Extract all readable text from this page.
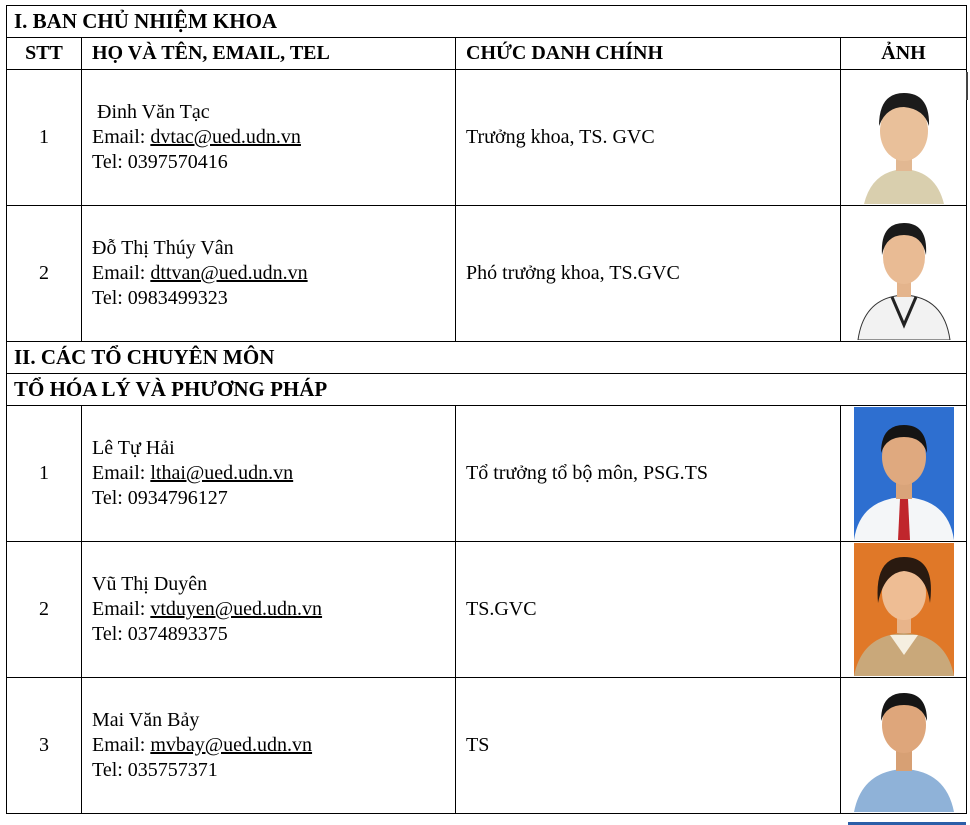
I. BAN CHỦ NHIỆM KHOA			
STT	HỌ VÀ TÊN, EMAIL, TEL	CHỨC DANH CHÍNH	ẢNH
1	Đinh Văn Tạc
Email: dvtac@ued.udn.vn
Tel: 0397570416	Trưởng khoa, TS. GVC	

2	Đỗ Thị Thúy Vân
Email: dttvan@ued.udn.vn
Tel: 0983499323	Phó trưởng khoa, TS.GVC	

II. CÁC TỔ CHUYÊN MÔN			
TỔ HÓA LÝ VÀ PHƯƠNG PHÁP			
1	Lê Tự Hải
Email: lthai@ued.udn.vn
Tel: 0934796127	Tổ trưởng tổ bộ môn, PSG.TS	

2	Vũ Thị Duyên
Email: vtduyen@ued.udn.vn
Tel: 0374893375	TS.GVC	

3	Mai Văn Bảy
Email: mvbay@ued.udn.vn
Tel: 035757371	TS	
